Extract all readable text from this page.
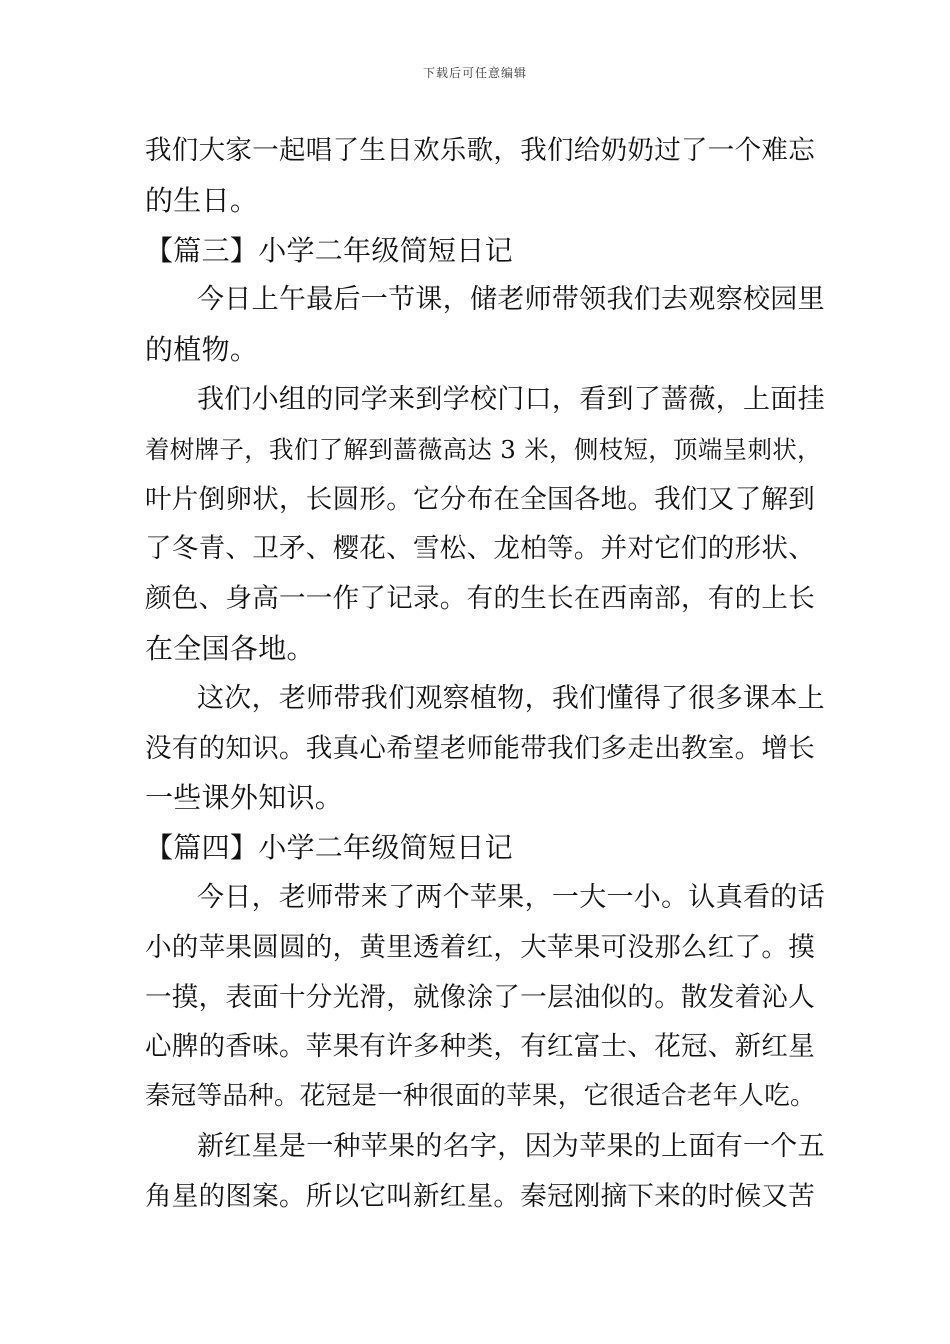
下载后可任意编辑
我们大家一起唱了生日欢乐歌，我们给奶奶过了一个难忘
的生日。
【篇三】小学二年级简短日记
今日上午最后一节课，储老师带领我们去观察校园里
的植物。
我们小组的同学来到学校门口，看到了蔷薇，上面挂
着树牌子，我们了解到蔷薇高达 3 米，侧枝短，顶端呈刺状，
叶片倒卵状，长圆形。它分布在全国各地。我们又了解到
了冬青、卫矛、樱花、雪松、龙柏等。并对它们的形状、
颜色、身高一一作了记录。有的生长在西南部，有的上长
在全国各地。
这次，老师带我们观察植物，我们懂得了很多课本上
没有的知识。我真心希望老师能带我们多走出教室。增长
一些课外知识。
【篇四】小学二年级简短日记
今日，老师带来了两个苹果，一大一小。认真看的话
小的苹果圆圆的，黄里透着红，大苹果可没那么红了。摸
一摸，表面十分光滑，就像涂了一层油似的。散发着沁人
心脾的香味。苹果有许多种类，有红富士、花冠、新红星
秦冠等品种。花冠是一种很面的苹果，它很适合老年人吃。
新红星是一种苹果的名字，因为苹果的上面有一个五
角星的图案。所以它叫新红星。秦冠刚摘下来的时候又苦
